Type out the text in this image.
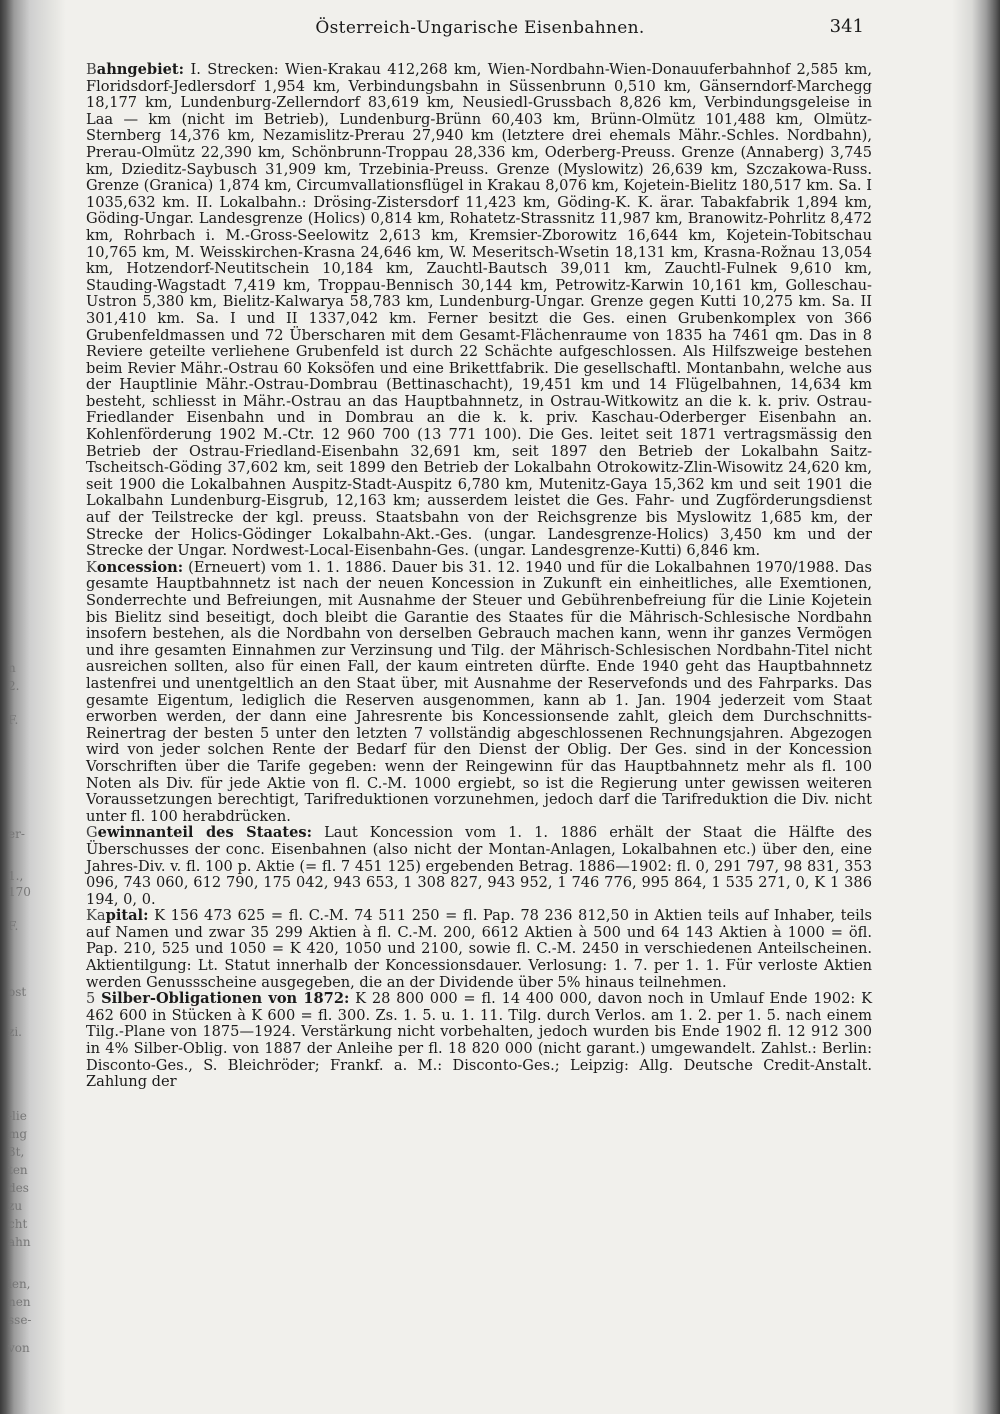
n
2.
F.
er-
1.,
170
F.
ost
zi.
-lie
mg
3t,
ten
des
zu
cht
ahn
ien,
nen
sse-
von
Österreich-Ungarische Eisenbahnen.	341

Bahngebiet: I. Strecken: Wien-Krakau 412,268 km, Wien-Nordbahn-Wien-Donauuferbahnhof 2,585 km, Floridsdorf-Jedlersdorf 1,954 km, Verbindungsbahn in Süssenbrunn 0,510 km, Gänserndorf-Marchegg 18,177 km, Lundenburg-Zellerndorf 83,619 km, Neusiedl-Grussbach 8,826 km, Verbindungsgeleise in Laa — km (nicht im Betrieb), Lundenburg-Brünn 60,403 km, Brünn-Olmütz 101,488 km, Olmütz-Sternberg 14,376 km, Nezamislitz-Prerau 27,940 km (letztere drei ehemals Mähr.-Schles. Nordbahn), Prerau-Olmütz 22,390 km, Schönbrunn-Troppau 28,336 km, Oderberg-Preuss. Grenze (Annaberg) 3,745 km, Dzieditz-Saybusch 31,909 km, Trzebinia-Preuss. Grenze (Myslowitz) 26,639 km, Szczakowa-Russ. Grenze (Granica) 1,874 km, Circumvallationsflügel in Krakau 8,076 km, Kojetein-Bielitz 180,517 km. Sa. I 1035,632 km. II. Lokalbahn.: Drösing-Zistersdorf 11,423 km, Göding-K. K. ärar. Tabakfabrik 1,894 km, Göding-Ungar. Landesgrenze (Holics) 0,814 km, Rohatetz-Strassnitz 11,987 km, Branowitz-Pohrlitz 8,472 km, Rohrbach i. M.-Gross-Seelowitz 2,613 km, Kremsier-Zborowitz 16,644 km, Kojetein-Tobitschau 10,765 km, M. Weisskirchen-Krasna 24,646 km, W. Meseritsch-Wsetin 18,131 km, Krasna-Rožnau 13,054 km, Hotzendorf-Neutitschein 10,184 km, Zauchtl-Bautsch 39,011 km, Zauchtl-Fulnek 9,610 km, Stauding-Wagstadt 7,419 km, Troppau-Bennisch 30,144 km, Petrowitz-Karwin 10,161 km, Golleschau-Ustron 5,380 km, Bielitz-Kalwarya 58,783 km, Lundenburg-Ungar. Grenze gegen Kutti 10,275 km. Sa. II 301,410 km. Sa. I und II 1337,042 km. Ferner besitzt die Ges. einen Grubenkomplex von 366 Grubenfeldmassen und 72 Überscharen mit dem Gesamt-Flächenraume von 1835 ha 7461 qm. Das in 8 Reviere geteilte verliehene Grubenfeld ist durch 22 Schächte aufgeschlossen. Als Hilfszweige bestehen beim Revier Mähr.-Ostrau 60 Koksöfen und eine Brikettfabrik. Die gesellschaftl. Montanbahn, welche aus der Hauptlinie Mähr.-Ostrau-Dombrau (Bettinaschacht), 19,451 km und 14 Flügelbahnen, 14,634 km besteht, schliesst in Mähr.-Ostrau an das Hauptbahnnetz, in Ostrau-Witkowitz an die k. k. priv. Ostrau-Friedlander Eisenbahn und in Dombrau an die k. k. priv. Kaschau-Oderberger Eisenbahn an. Kohlenförderung 1902 M.-Ctr. 12 960 700 (13 771 100). Die Ges. leitet seit 1871 vertragsmässig den Betrieb der Ostrau-Friedland-Eisenbahn 32,691 km, seit 1897 den Betrieb der Lokalbahn Saitz-Tscheitsch-Göding 37,602 km, seit 1899 den Betrieb der Lokalbahn Otrokowitz-Zlin-Wisowitz 24,620 km, seit 1900 die Lokalbahnen Auspitz-Stadt-Auspitz 6,780 km, Mutenitz-Gaya 15,362 km und seit 1901 die Lokalbahn Lundenburg-Eisgrub, 12,163 km; ausserdem leistet die Ges. Fahr- und Zugförderungsdienst auf der Teilstrecke der kgl. preuss. Staatsbahn von der Reichsgrenze bis Myslowitz 1,685 km, der Strecke der Holics-Gödinger Lokalbahn-Akt.-Ges. (ungar. Landesgrenze-Holics) 3,450 km und der Strecke der Ungar. Nordwest-Local-Eisenbahn-Ges. (ungar. Landesgrenze-Kutti) 6,846 km.

Koncession: (Erneuert) vom 1. 1. 1886. Dauer bis 31. 12. 1940 und für die Lokalbahnen 1970/1988. Das gesamte Hauptbahnnetz ist nach der neuen Koncession in Zukunft ein einheitliches, alle Exemtionen, Sonderrechte und Befreiungen, mit Ausnahme der Steuer und Gebührenbefreiung für die Linie Kojetein bis Bielitz sind beseitigt, doch bleibt die Garantie des Staates für die Mährisch-Schlesische Nordbahn insofern bestehen, als die Nordbahn von derselben Gebrauch machen kann, wenn ihr ganzes Vermögen und ihre gesamten Einnahmen zur Verzinsung und Tilg. der Mährisch-Schlesischen Nordbahn-Titel nicht ausreichen sollten, also für einen Fall, der kaum eintreten dürfte. Ende 1940 geht das Hauptbahnnetz lastenfrei und unentgeltlich an den Staat über, mit Ausnahme der Reservefonds und des Fahrparks. Das gesamte Eigentum, lediglich die Reserven ausgenommen, kann ab 1. Jan. 1904 jederzeit vom Staat erworben werden, der dann eine Jahresrente bis Koncessionsende zahlt, gleich dem Durchschnitts-Reinertrag der besten 5 unter den letzten 7 vollständig abgeschlossenen Rechnungsjahren. Abgezogen wird von jeder solchen Rente der Bedarf für den Dienst der Oblig. Der Ges. sind in der Koncession Vorschriften über die Tarife gegeben: wenn der Reingewinn für das Hauptbahnnetz mehr als fl. 100 Noten als Div. für jede Aktie von fl. C.-M. 1000 ergiebt, so ist die Regierung unter gewissen weiteren Voraussetzungen berechtigt, Tarifreduktionen vorzunehmen, jedoch darf die Tarifreduktion die Div. nicht unter fl. 100 herabdrücken.

Gewinnanteil des Staates: Laut Koncession vom 1. 1. 1886 erhält der Staat die Hälfte des Überschusses der conc. Eisenbahnen (also nicht der Montan-Anlagen, Lokalbahnen etc.) über den, eine Jahres-Div. v. fl. 100 p. Aktie (= fl. 7 451 125) ergebenden Betrag. 1886—1902: fl. 0, 291 797, 98 831, 353 096, 743 060, 612 790, 175 042, 943 653, 1 308 827, 943 952, 1 746 776, 995 864, 1 535 271, 0, K 1 386 194, 0, 0.

Kapital: K 156 473 625 = fl. C.-M. 74 511 250 = fl. Pap. 78 236 812,50 in Aktien teils auf Inhaber, teils auf Namen und zwar 35 299 Aktien à fl. C.-M. 200, 6612 Aktien à 500 und 64 143 Aktien à 1000 = öfl. Pap. 210, 525 und 1050 = K 420, 1050 und 2100, sowie fl. C.-M. 2450 in verschiedenen Anteilscheinen. Aktientilgung: Lt. Statut innerhalb der Koncessionsdauer. Verlosung: 1. 7. per 1. 1. Für verloste Aktien werden Genussscheine ausgegeben, die an der Dividende über 5% hinaus teilnehmen.

5 Silber-Obligationen von 1872: K 28 800 000 = fl. 14 400 000, davon noch in Umlauf Ende 1902: K 462 600 in Stücken à K 600 = fl. 300. Zs. 1. 5. u. 1. 11. Tilg. durch Verlos. am 1. 2. per 1. 5. nach einem Tilg.-Plane von 1875—1924. Verstärkung nicht vorbehalten, jedoch wurden bis Ende 1902 fl. 12 912 300 in 4% Silber-Oblig. von 1887 der Anleihe per fl. 18 820 000 (nicht garant.) umgewandelt. Zahlst.: Berlin: Disconto-Ges., S. Bleichröder; Frankf. a. M.: Disconto-Ges.; Leipzig: Allg. Deutsche Credit-Anstalt. Zahlung der
